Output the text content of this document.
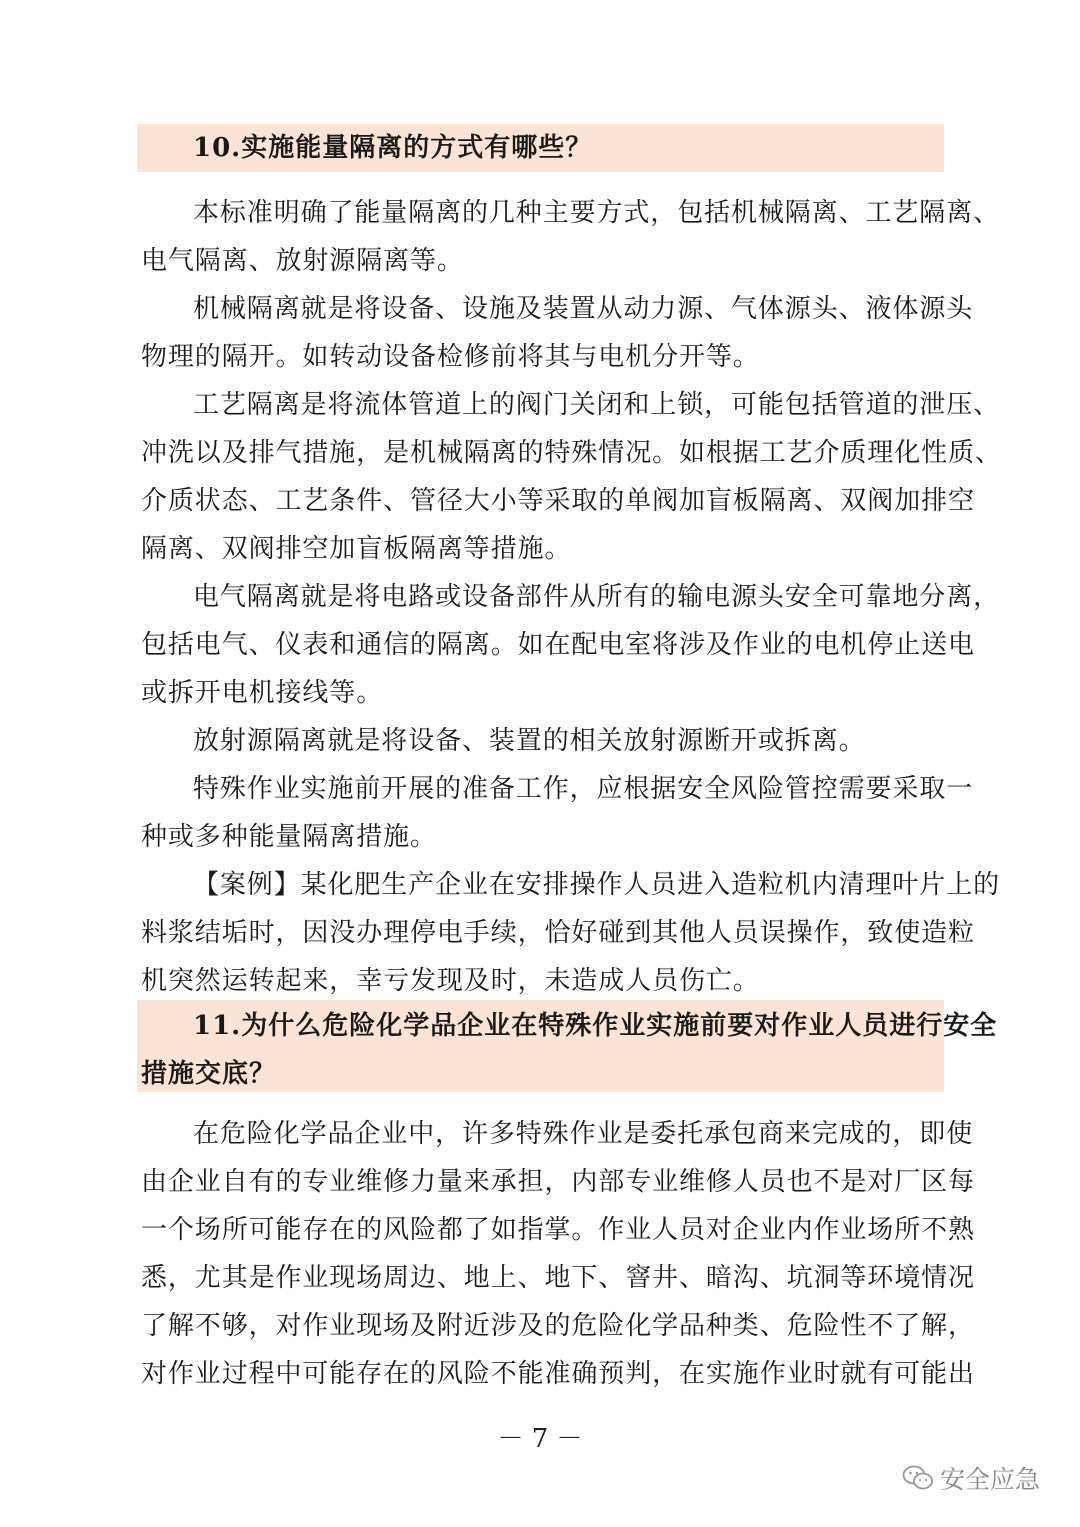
10.实施能量隔离的方式有哪些？
本标准明确了能量隔离的几种主要方式，包括机械隔离、工艺隔离、
电气隔离、放射源隔离等。
机械隔离就是将设备、设施及装置从动力源、气体源头、液体源头
物理的隔开。如转动设备检修前将其与电机分开等。
工艺隔离是将流体管道上的阀门关闭和上锁，可能包括管道的泄压、
冲洗以及排气措施，是机械隔离的特殊情况。如根据工艺介质理化性质、
介质状态、工艺条件、管径大小等采取的单阀加盲板隔离、双阀加排空
隔离、双阀排空加盲板隔离等措施。
电气隔离就是将电路或设备部件从所有的输电源头安全可靠地分离，
包括电气、仪表和通信的隔离。如在配电室将涉及作业的电机停止送电
或拆开电机接线等。
放射源隔离就是将设备、装置的相关放射源断开或拆离。
特殊作业实施前开展的准备工作，应根据安全风险管控需要采取一
种或多种能量隔离措施。
【案例】某化肥生产企业在安排操作人员进入造粒机内清理叶片上的
料浆结垢时，因没办理停电手续，恰好碰到其他人员误操作，致使造粒
机突然运转起来，幸亏发现及时，未造成人员伤亡。
11.为什么危险化学品企业在特殊作业实施前要对作业人员进行安全
措施交底？
在危险化学品企业中，许多特殊作业是委托承包商来完成的，即使
由企业自有的专业维修力量来承担，内部专业维修人员也不是对厂区每
一个场所可能存在的风险都了如指掌。作业人员对企业内作业场所不熟
悉，尤其是作业现场周边、地上、地下、窨井、暗沟、坑洞等环境情况
了解不够，对作业现场及附近涉及的危险化学品种类、危险性不了解，
对作业过程中可能存在的风险不能准确预判，在实施作业时就有可能出
－ 7 －
安全应急
